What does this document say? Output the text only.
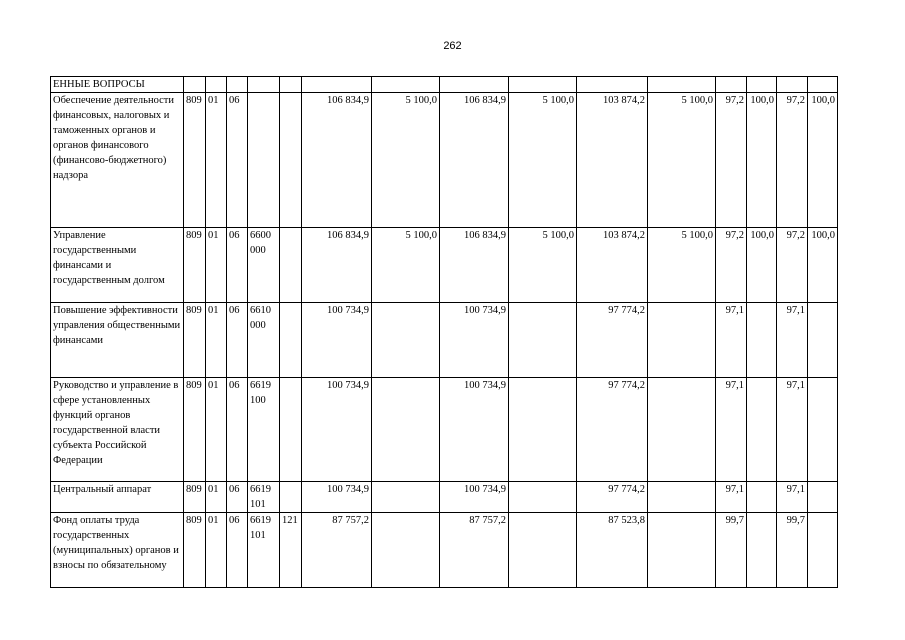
262
ЕННЫЕ ВОПРОСЫ															
Обеспечение деятельности финансовых, налоговых и таможенных органов и органов финансового (финансово-бюджетного) надзора	809	01	06			106 834,9	5 100,0	106 834,9	5 100,0	103 874,2	5 100,0	97,2	100,0	97,2	100,0
Управление государственными финансами и государственным долгом	809	01	06	6600 000		106 834,9	5 100,0	106 834,9	5 100,0	103 874,2	5 100,0	97,2	100,0	97,2	100,0
Повышение эффективности управления общественными финансами	809	01	06	6610 000		100 734,9		100 734,9		97 774,2		97,1		97,1	
Руководство и управление в сфере установленных функций органов государственной власти субъекта Российской Федерации	809	01	06	6619 100		100 734,9		100 734,9		97 774,2		97,1		97,1	
Центральный аппарат	809	01	06	6619 101		100 734,9		100 734,9		97 774,2		97,1		97,1	
Фонд оплаты труда государственных (муниципальных) органов и взносы по обязательному	809	01	06	6619 101	121	87 757,2		87 757,2		87 523,8		99,7		99,7	
